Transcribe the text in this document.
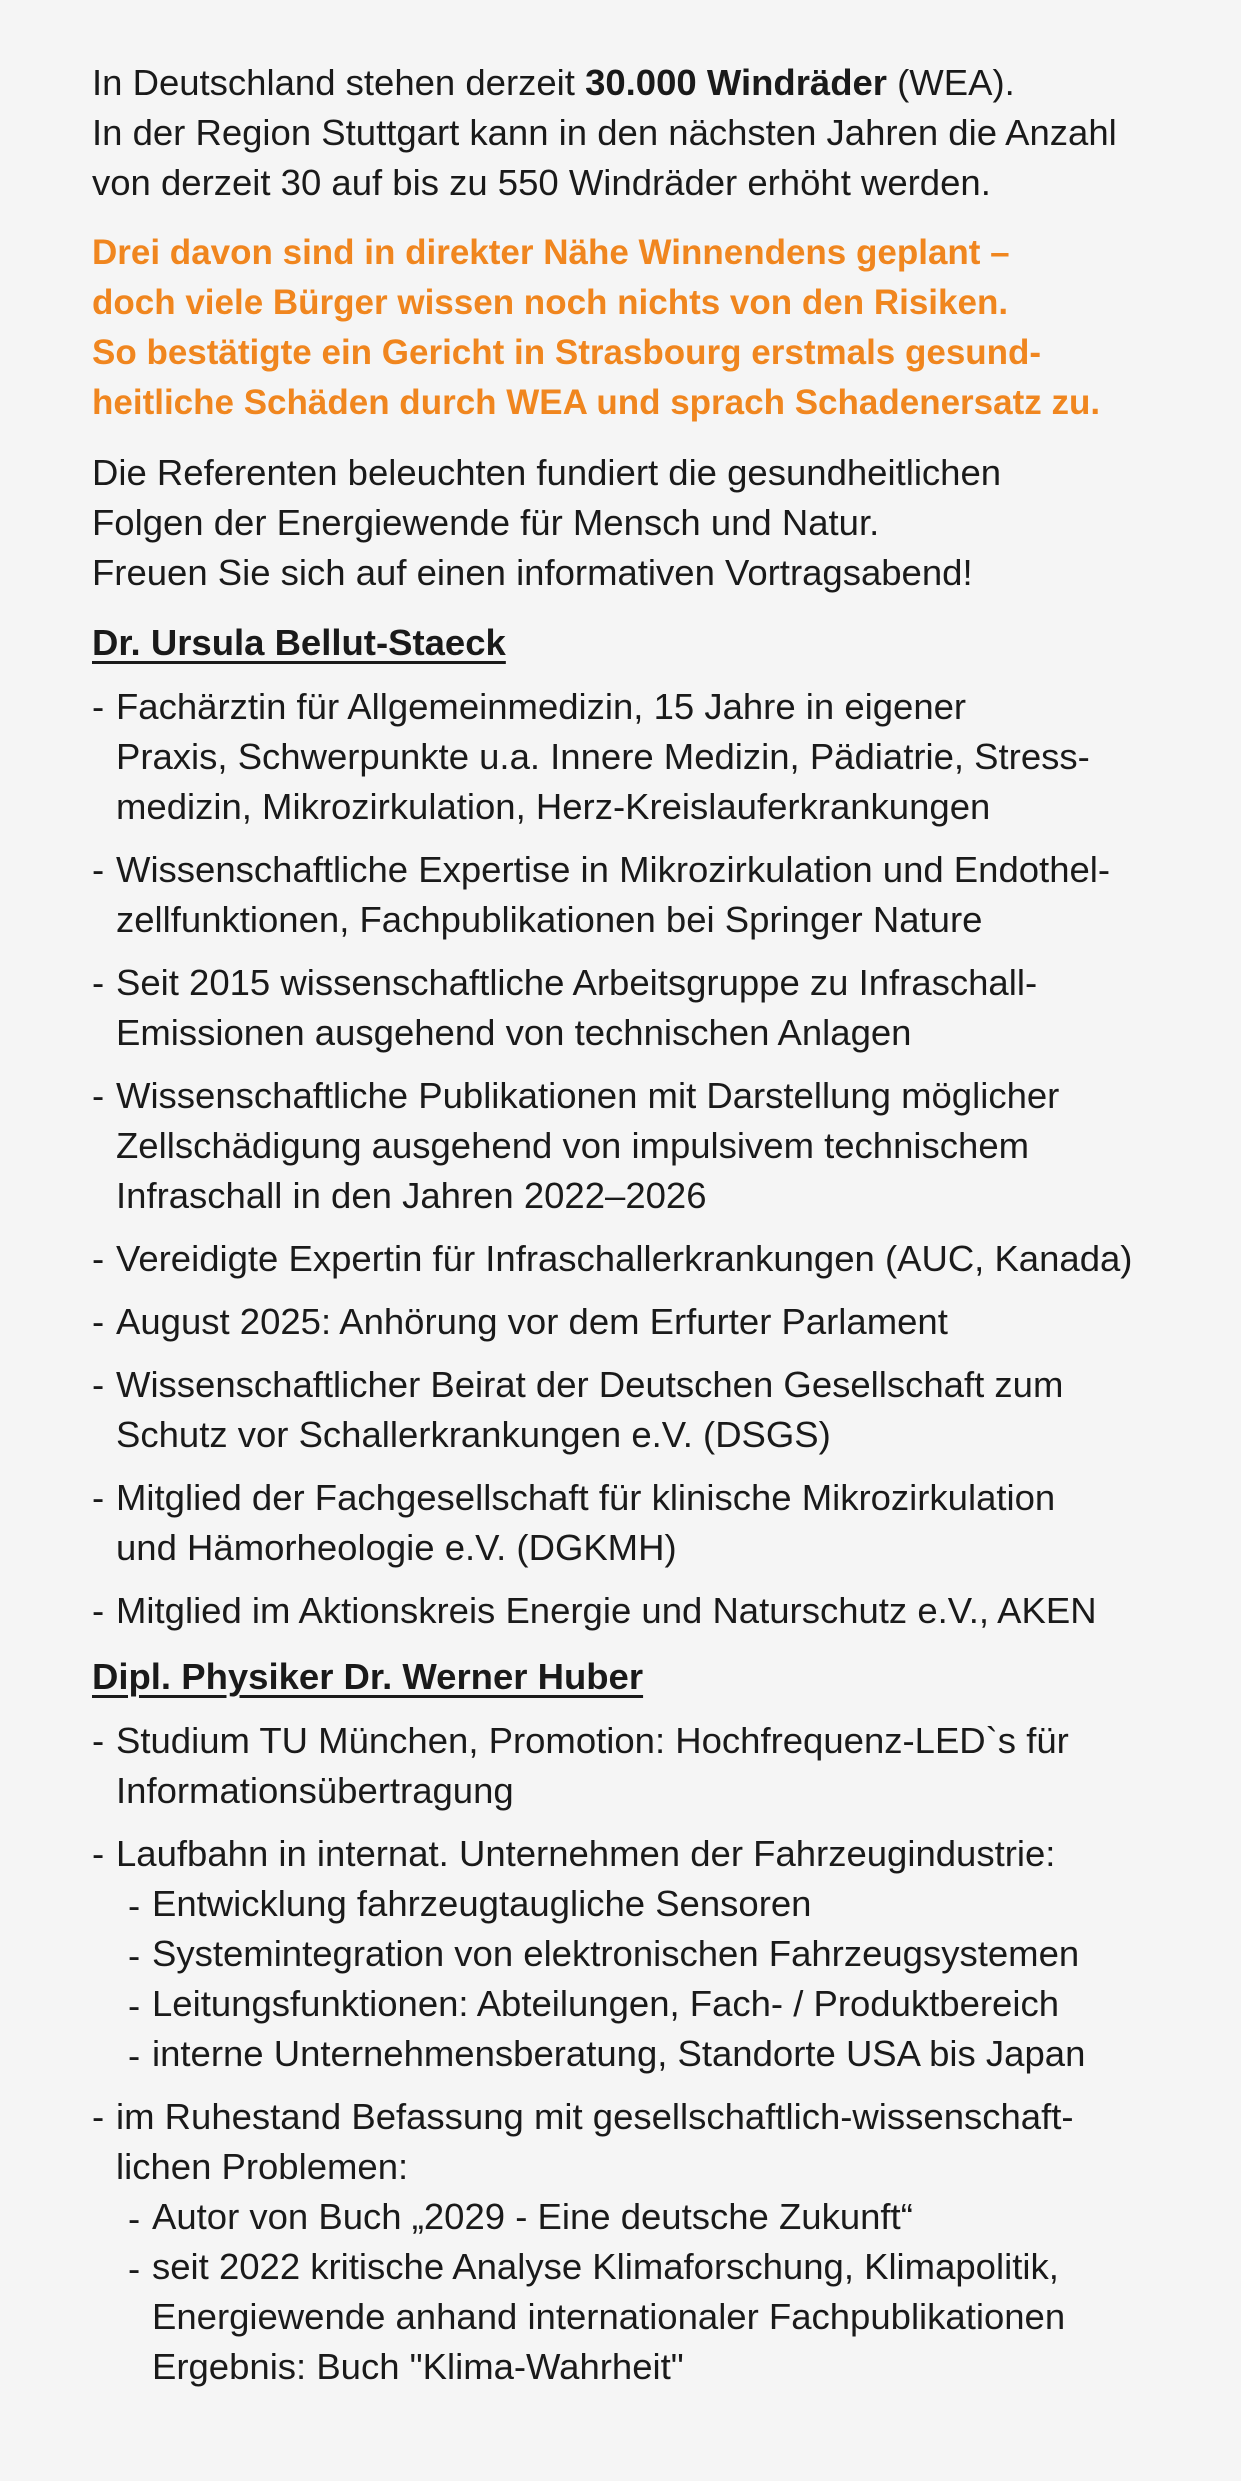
In Deutschland stehen derzeit 30.000 Windräder (WEA).
In der Region Stuttgart kann in den nächsten Jahren die Anzahl
von derzeit 30 auf bis zu 550 Windräder erhöht werden.

Drei davon sind in direkter Nähe Winnendens geplant –
doch viele Bürger wissen noch nichts von den Risiken.
So bestätigte ein Gericht in Strasbourg erstmals gesund-
heitliche Schäden durch WEA und sprach Schadenersatz zu.

Die Referenten beleuchten fundiert die gesundheitlichen
Folgen der Energiewende für Mensch und Natur.
Freuen Sie sich auf einen informativen Vortragsabend!

Dr. Ursula Bellut-Staeck
- Fachärztin für Allgemeinmedizin, 15 Jahre in eigener
Praxis, Schwerpunkte u.a. Innere Medizin, Pädiatrie, Stress-
medizin, Mikrozirkulation, Herz-Kreislauferkrankungen
- Wissenschaftliche Expertise in Mikrozirkulation und Endothel-
zellfunktionen, Fachpublikationen bei Springer Nature
- Seit 2015 wissenschaftliche Arbeitsgruppe zu Infraschall-
Emissionen ausgehend von technischen Anlagen
- Wissenschaftliche Publikationen mit Darstellung möglicher
Zellschädigung ausgehend von impulsivem technischem
Infraschall in den Jahren 2022–2026
- Vereidigte Expertin für Infraschallerkrankungen (AUC, Kanada)
- August 2025: Anhörung vor dem Erfurter Parlament
- Wissenschaftlicher Beirat der Deutschen Gesellschaft zum
Schutz vor Schallerkrankungen e.V. (DSGS)
- Mitglied der Fachgesellschaft für klinische Mikrozirkulation
und Hämorheologie e.V. (DGKMH)
- Mitglied im Aktionskreis Energie und Naturschutz e.V., AKEN
Dipl. Physiker Dr. Werner Huber
- Studium TU München, Promotion: Hochfrequenz-LED`s für
Informationsübertragung
- Laufbahn in internat. Unternehmen der Fahrzeugindustrie:
- Entwicklung fahrzeugtaugliche Sensoren
- Systemintegration von elektronischen Fahrzeugsystemen
- Leitungsfunktionen: Abteilungen, Fach- / Produktbereich
- interne Unternehmensberatung, Standorte USA bis Japan
- im Ruhestand Befassung mit gesellschaftlich-wissenschaft-
lichen Problemen:
- Autor von Buch „2029 - Eine deutsche Zukunft“
- seit 2022 kritische Analyse Klimaforschung, Klimapolitik,
Energiewende anhand internationaler Fachpublikationen
Ergebnis: Buch "Klima-Wahrheit"
